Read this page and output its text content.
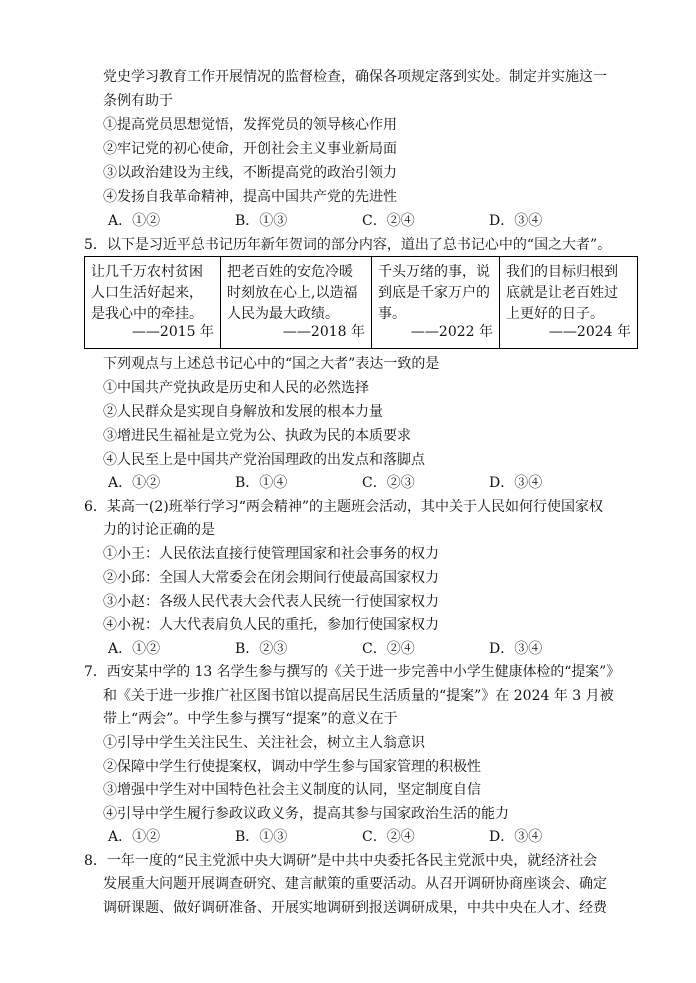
党史学习教育工作开展情况的监督检查，确保各项规定落到实处。制定并实施这一
条例有助于
①提高党员思想觉悟，发挥党员的领导核心作用
②牢记党的初心使命，开创社会主义事业新局面
③以政治建设为主线，不断提高党的政治引领力
④发扬自我革命精神，提高中国共产党的先进性
A．①②	B．①③	C．②④	D．③④
5．以下是习近平总书记历年新年贺词的部分内容，道出了总书记心中的“国之大者”。
让几千万农村贫困人口生活好起来，是我心中的牵挂。
——2015 年

把老百姓的安危冷暖时刻放在心上,以造福人民为最大政绩。
——2018 年

千头万绪的事，说到底是千家万户的事。
——2022 年

我们的目标归根到底就是让老百姓过上更好的日子。
——2024 年
下列观点与上述总书记心中的“国之大者”表达一致的是
①中国共产党执政是历史和人民的必然选择
②人民群众是实现自身解放和发展的根本力量
③增进民生福祉是立党为公、执政为民的本质要求
④人民至上是中国共产党治国理政的出发点和落脚点
A．①②	B．①④	C．②③	D．③④
6．某高一(2)班举行学习“两会精神”的主题班会活动，其中关于人民如何行使国家权
力的讨论正确的是
①小王：人民依法直接行使管理国家和社会事务的权力
②小邱：全国人大常委会在闭会期间行使最高国家权力
③小赵：各级人民代表大会代表人民统一行使国家权力
④小祝：人大代表肩负人民的重托，参加行使国家权力
A．①②	B．②③	C．②④	D．③④
7．西安某中学的 13 名学生参与撰写的《关于进一步完善中小学生健康体检的“提案”》
和《关于进一步推广社区图书馆以提高居民生活质量的“提案”》在 2024 年 3 月被
带上“两会”。中学生参与撰写“提案”的意义在于
①引导中学生关注民生、关注社会，树立主人翁意识
②保障中学生行使提案权，调动中学生参与国家管理的积极性
③增强中学生对中国特色社会主义制度的认同，坚定制度自信
④引导中学生履行参政议政义务，提高其参与国家政治生活的能力
A．①②	B．①③	C．②④	D．③④
8．一年一度的“民主党派中央大调研”是中共中央委托各民主党派中央，就经济社会
发展重大问题开展调查研究、建言献策的重要活动。从召开调研协商座谈会、确定
调研课题、做好调研准备、开展实地调研到报送调研成果，中共中央在人才、经费
